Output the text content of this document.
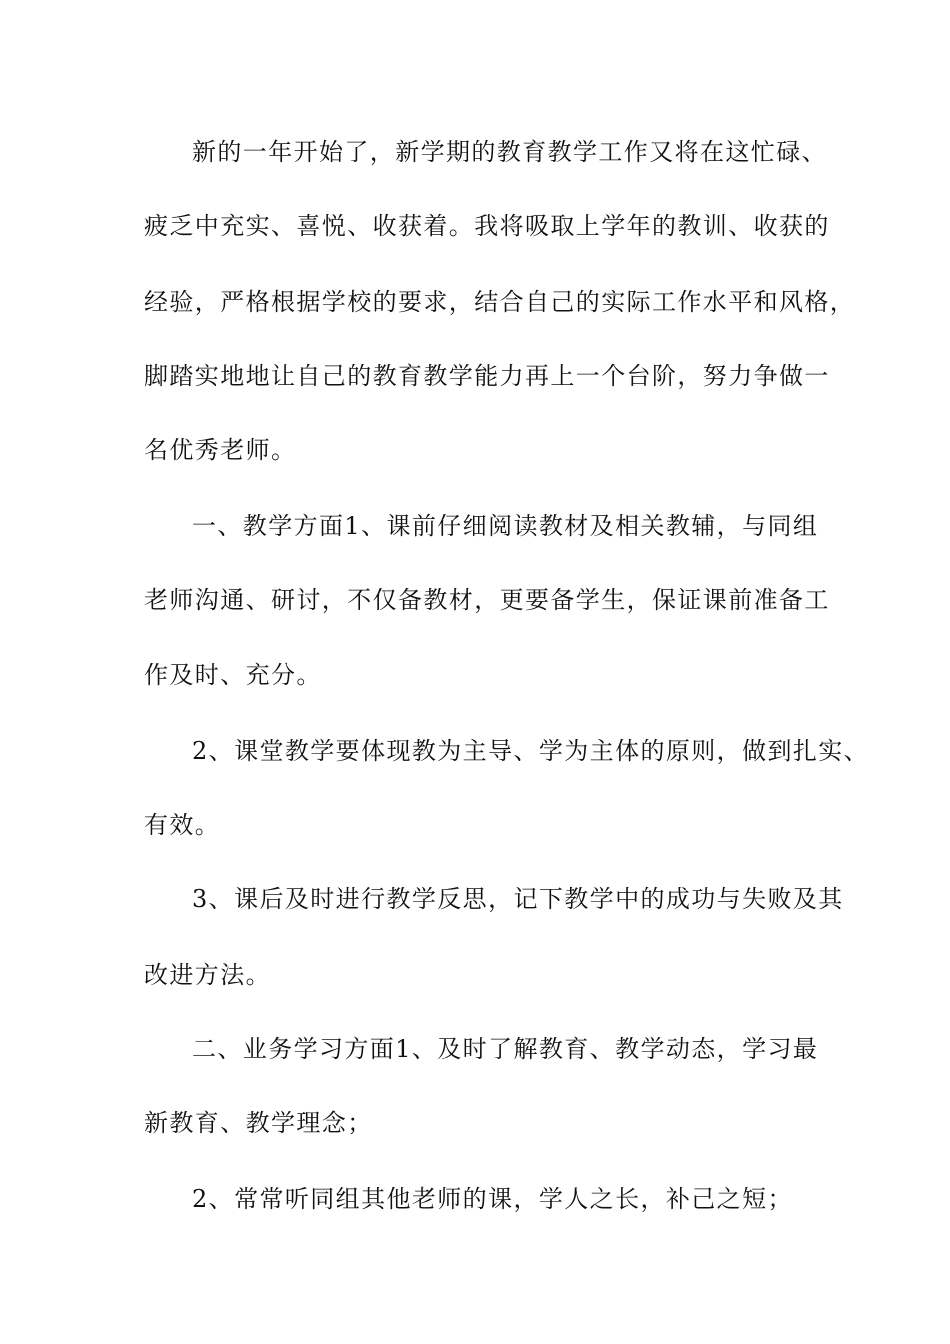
新的一年开始了，新学期的教育教学工作又将在这忙碌、
疲乏中充实、喜悦、收获着。我将吸取上学年的教训、收获的
经验，严格根据学校的要求，结合自己的实际工作水平和风格，
脚踏实地地让自己的教育教学能力再上一个台阶，努力争做一
名优秀老师。
一、教学方面1、课前仔细阅读教材及相关教辅，与同组
老师沟通、研讨，不仅备教材，更要备学生，保证课前准备工
作及时、充分。
2、课堂教学要体现教为主导、学为主体的原则，做到扎实、
有效。
3、课后及时进行教学反思，记下教学中的成功与失败及其
改进方法。
二、业务学习方面1、及时了解教育、教学动态，学习最
新教育、教学理念；
2、常常听同组其他老师的课，学人之长，补己之短；
